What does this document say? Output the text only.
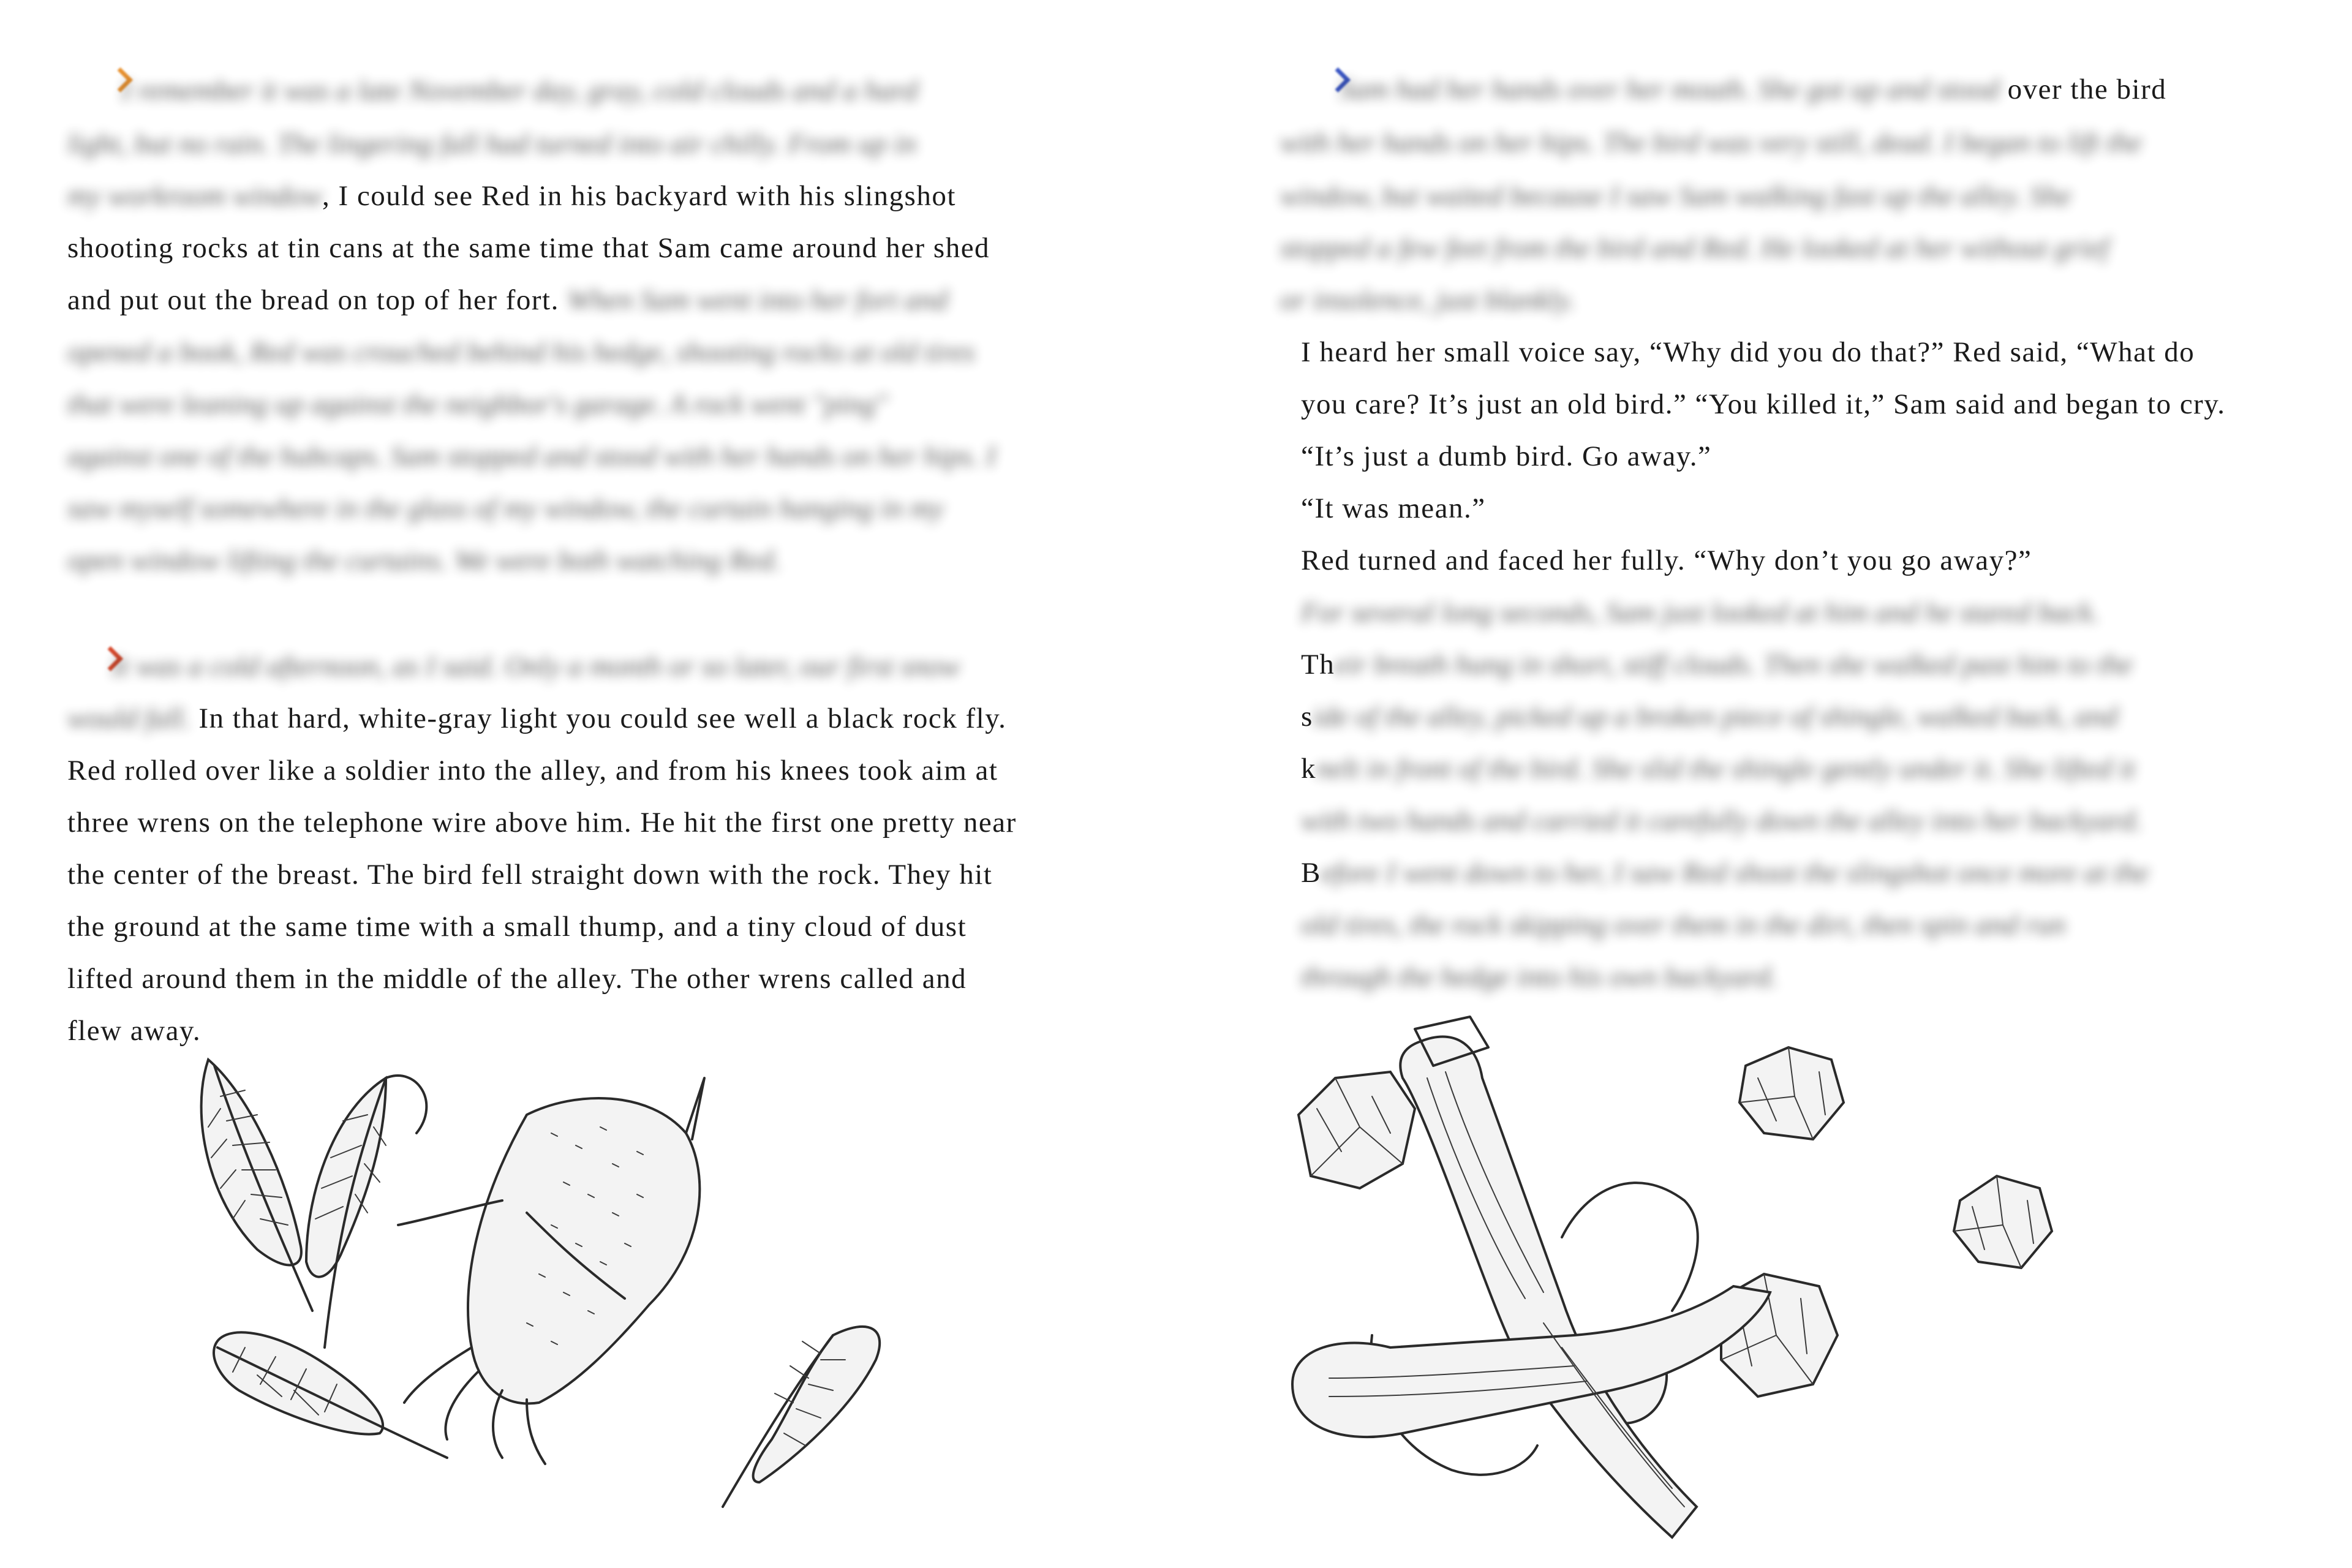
I remember it was a late November day, gray, cold clouds and a hard
light, but no rain. The lingering fall had turned into air chilly. From up in
my workroom window, I could see Red in his backyard with his slingshot
shooting rocks at tin cans at the same time that Sam came around her shed
and put out the bread on top of her fort. When Sam went into her fort and
opened a book, Red was crouched behind his hedge, shooting rocks at old tires
that were leaning up against the neighbor's garage. A rock went "ping"
against one of the hubcaps. Sam stopped and stood with her hands on her hips. I
saw myself somewhere in the glass of my window, the curtain hanging in my
open window lifting the curtains. We were both watching Red.
It was a cold afternoon, as I said. Only a month or so later, our first snow
would fall. In that hard, white-gray light you could see well a black rock fly.
Red rolled over like a soldier into the alley, and from his knees took aim at
three wrens on the telephone wire above him. He hit the first one pretty near
the center of the breast. The bird fell straight down with the rock. They hit
the ground at the same time with a small thump, and a tiny cloud of dust
lifted around them in the middle of the alley. The other wrens called and
flew away.
Sam had her hands over her mouth. She got up and stood over the bird
with her hands on her hips. The bird was very still, dead. I began to lift the
window, but waited because I saw Sam walking fast up the alley. She
stopped a few feet from the bird and Red. He looked at her without grief
or insolence, just blankly.
I heard her small voice say, “Why did you do that?” Red said, “What do
you care? It’s just an old bird.” “You killed it,” Sam said and began to cry.
“It’s just a dumb bird. Go away.”
“It was mean.”
Red turned and faced her fully. “Why don’t you go away?”
For several long seconds, Sam just looked at him and he stared back.
Their breath hung in short, stiff clouds. Then she walked past him to the
side of the alley, picked up a broken piece of shingle, walked back, and
knelt in front of the bird. She slid the shingle gently under it. She lifted it
with two hands and carried it carefully down the alley into her backyard.
Before I went down to her, I saw Red shoot the slingshot once more at the
old tires, the rock skipping over them in the dirt, then spin and run
through the hedge into his own backyard.
